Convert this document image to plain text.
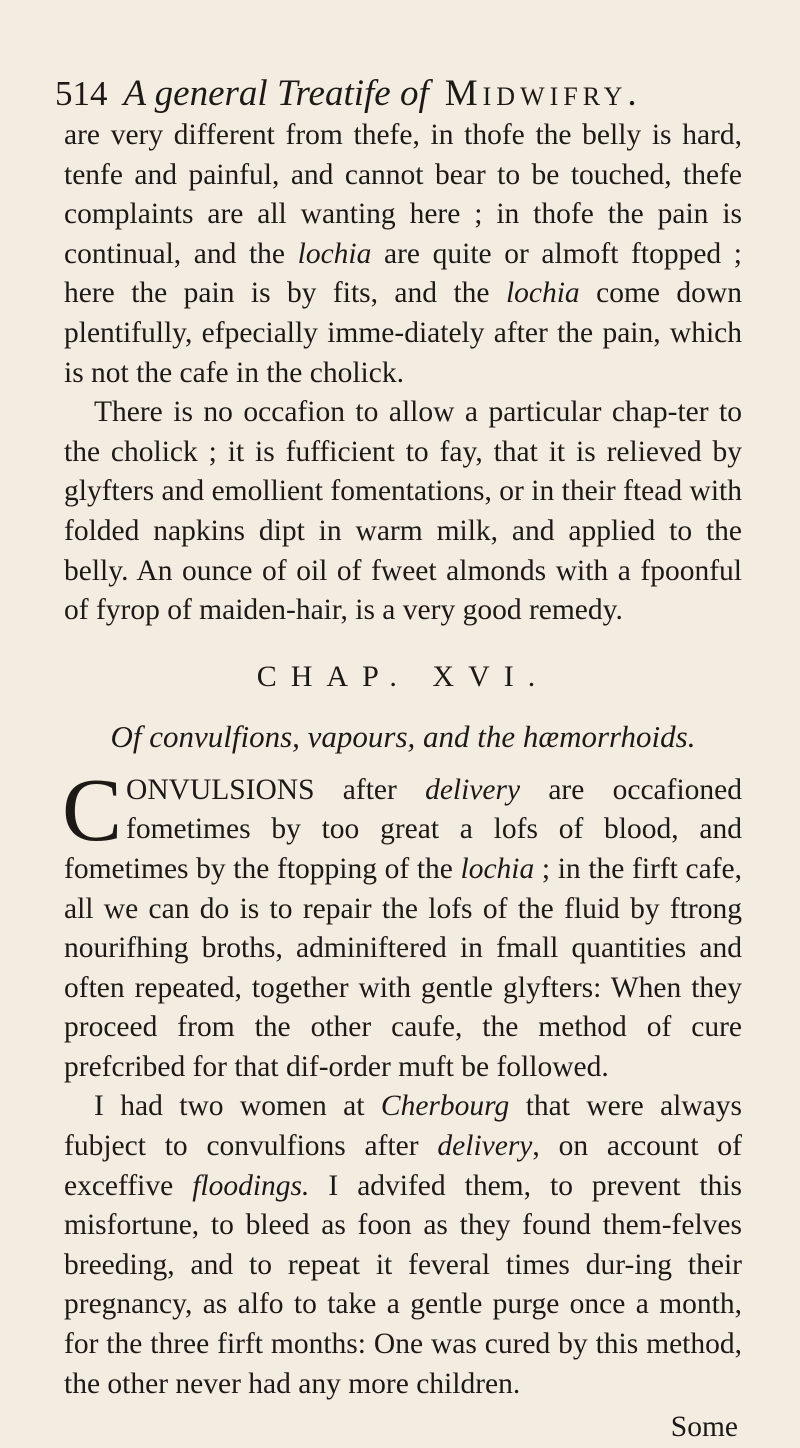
514 A general Treatife of Midwifry.

are very different from thefe, in thofe the belly is hard, tenfe and painful, and cannot bear to be touched, thefe complaints are all wanting here ; in thofe the pain is continual, and the lochia are quite or almoft ftopped ; here the pain is by fits, and the lochia come down plentifully, efpecially imme-diately after the pain, which is not the cafe in the cholick.

There is no occafion to allow a particular chap-ter to the cholick ; it is fufficient to fay, that it is relieved by glyfters and emollient fomentations, or in their ftead with folded napkins dipt in warm milk, and applied to the belly. An ounce of oil of fweet almonds with a fpoonful of fyrop of maiden-hair, is a very good remedy.

CHAP. XVI.
Of convulfions, vapours, and the hæmorrhoids.

CONVULSIONS after delivery are occafioned fometimes by too great a lofs of blood, and fometimes by the ftopping of the lochia ; in the firft cafe, all we can do is to repair the lofs of the fluid by ftrong nourifhing broths, adminiftered in fmall quantities and often repeated, together with gentle glyfters: When they proceed from the other caufe, the method of cure prefcribed for that dif-order muft be followed.

I had two women at Cherbourg that were always fubject to convulfions after delivery, on account of exceffive floodings. I advifed them, to prevent this misfortune, to bleed as foon as they found them-felves breeding, and to repeat it feveral times dur-ing their pregnancy, as alfo to take a gentle purge once a month, for the three firft months: One was cured by this method, the other never had any more children.

Some
